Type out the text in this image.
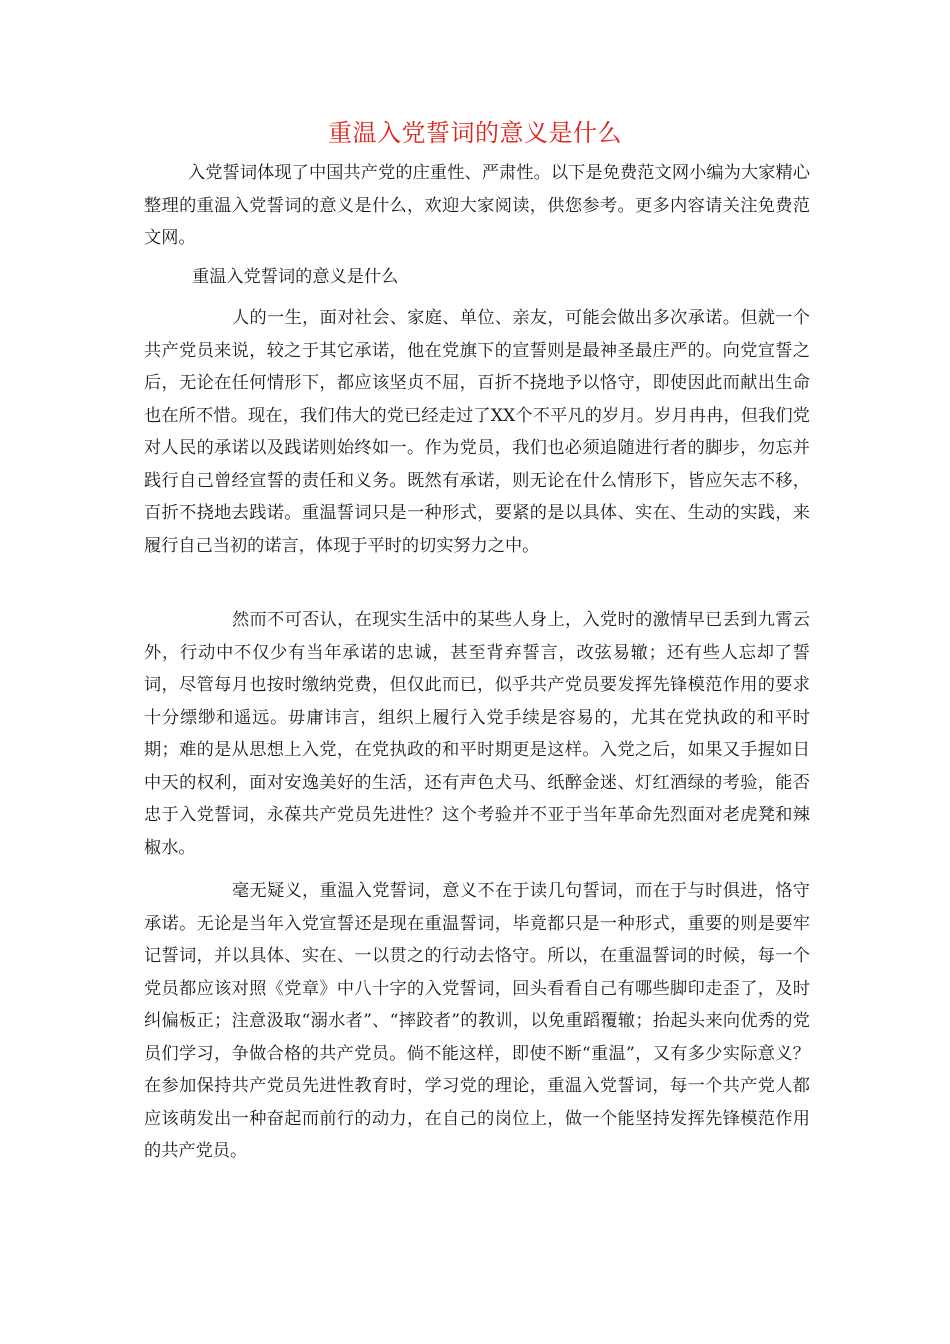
重温入党誓词的意义是什么

入党誓词体现了中国共产党的庄重性、严肃性。以下是免费范文网小编为大家精心整理的重温入党誓词的意义是什么，欢迎大家阅读，供您参考。更多内容请关注免费范文网。

重温入党誓词的意义是什么

人的一生，面对社会、家庭、单位、亲友，可能会做出多次承诺。但就一个共产党员来说，较之于其它承诺，他在党旗下的宣誓则是最神圣最庄严的。向党宣誓之后，无论在任何情形下，都应该坚贞不屈，百折不挠地予以恪守，即使因此而献出生命也在所不惜。现在，我们伟大的党已经走过了XX个不平凡的岁月。岁月冉冉，但我们党对人民的承诺以及践诺则始终如一。作为党员，我们也必须追随进行者的脚步，勿忘并践行自己曾经宣誓的责任和义务。既然有承诺，则无论在什么情形下，皆应矢志不移，百折不挠地去践诺。重温誓词只是一种形式，要紧的是以具体、实在、生动的实践，来履行自己当初的诺言，体现于平时的切实努力之中。

然而不可否认，在现实生活中的某些人身上，入党时的激情早已丢到九霄云外，行动中不仅少有当年承诺的忠诚，甚至背弃誓言，改弦易辙；还有些人忘却了誓词，尽管每月也按时缴纳党费，但仅此而已，似乎共产党员要发挥先锋模范作用的要求十分缥缈和遥远。毋庸讳言，组织上履行入党手续是容易的，尤其在党执政的和平时期；难的是从思想上入党，在党执政的和平时期更是这样。入党之后，如果又手握如日中天的权利，面对安逸美好的生活，还有声色犬马、纸醉金迷、灯红酒绿的考验，能否忠于入党誓词，永葆共产党员先进性？这个考验并不亚于当年革命先烈面对老虎凳和辣椒水。

毫无疑义，重温入党誓词，意义不在于读几句誓词，而在于与时俱进，恪守承诺。无论是当年入党宣誓还是现在重温誓词，毕竟都只是一种形式，重要的则是要牢记誓词，并以具体、实在、一以贯之的行动去恪守。所以，在重温誓词的时候，每一个党员都应该对照《党章》中八十字的入党誓词，回头看看自己有哪些脚印走歪了，及时纠偏板正；注意汲取“溺水者”、“摔跤者”的教训，以免重蹈覆辙；抬起头来向优秀的党员们学习，争做合格的共产党员。倘不能这样，即使不断“重温”，又有多少实际意义？在参加保持共产党员先进性教育时，学习党的理论，重温入党誓词，每一个共产党人都应该萌发出一种奋起而前行的动力，在自己的岗位上，做一个能坚持发挥先锋模范作用的共产党员。
